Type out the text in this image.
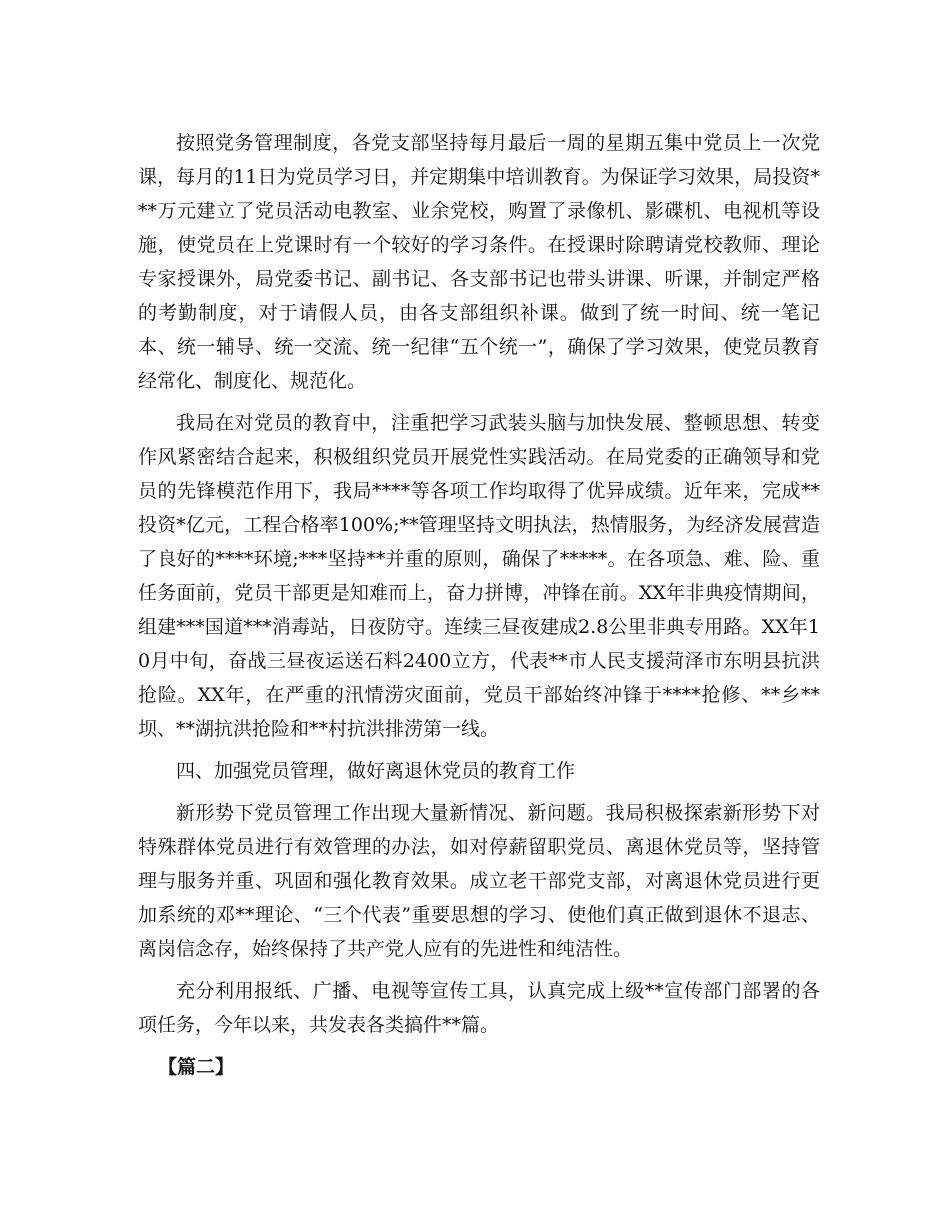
按照党务管理制度，各党支部坚持每月最后一周的星期五集中党员上一次党课，每月的11日为党员学习日，并定期集中培训教育。为保证学习效果，局投资***万元建立了党员活动电教室、业余党校，购置了录像机、影碟机、电视机等设施，使党员在上党课时有一个较好的学习条件。在授课时除聘请党校教师、理论专家授课外，局党委书记、副书记、各支部书记也带头讲课、听课，并制定严格的考勤制度，对于请假人员，由各支部组织补课。做到了统一时间、统一笔记本、统一辅导、统一交流、统一纪律“五个统一”，确保了学习效果，使党员教育经常化、制度化、规范化。

我局在对党员的教育中，注重把学习武装头脑与加快发展、整顿思想、转变作风紧密结合起来，积极组织党员开展党性实践活动。在局党委的正确领导和党员的先锋模范作用下，我局****等各项工作均取得了优异成绩。近年来，完成**投资*亿元，工程合格率100%;**管理坚持文明执法，热情服务，为经济发展营造了良好的****环境;***坚持**并重的原则，确保了*****。在各项急、难、险、重任务面前，党员干部更是知难而上，奋力拼博，冲锋在前。XX年非典疫情期间，组建***国道***消毒站，日夜防守。连续三昼夜建成2.8公里非典专用路。XX年10月中旬，奋战三昼夜运送石料2400立方，代表**市人民支援菏泽市东明县抗洪抢险。XX年，在严重的汛情涝灾面前，党员干部始终冲锋于****抢修、**乡**坝、**湖抗洪抢险和**村抗洪排涝第一线。

四、加强党员管理，做好离退休党员的教育工作

新形势下党员管理工作出现大量新情况、新问题。我局积极探索新形势下对特殊群体党员进行有效管理的办法，如对停薪留职党员、离退休党员等，坚持管理与服务并重、巩固和强化教育效果。成立老干部党支部，对离退休党员进行更加系统的邓**理论、“三个代表”重要思想的学习、使他们真正做到退休不退志、离岗信念存，始终保持了共产党人应有的先进性和纯洁性。

充分利用报纸、广播、电视等宣传工具，认真完成上级**宣传部门部署的各项任务，今年以来，共发表各类搞件**篇。

【篇二】
